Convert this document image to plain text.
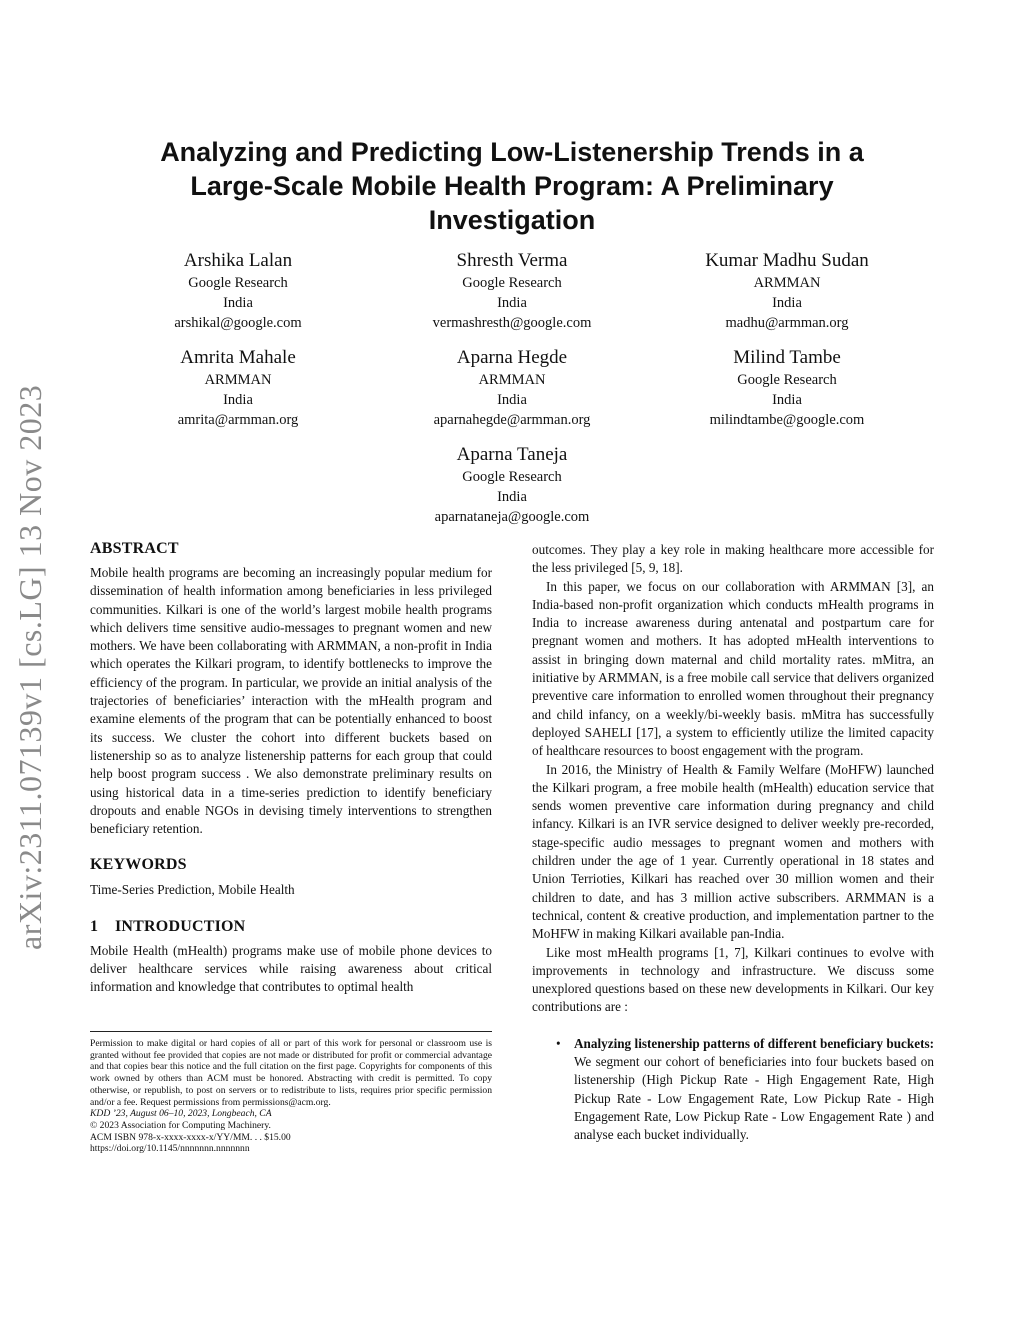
arXiv:2311.07139v1 [cs.LG] 13 Nov 2023
Analyzing and Predicting Low-Listenership Trends in a
Large-Scale Mobile Health Program: A Preliminary
Investigation
Arshika Lalan
Google Research
India
arshikal@google.com
Shresth Verma
Google Research
India
vermashresth@google.com
Kumar Madhu Sudan
ARMMAN
India
madhu@armman.org
Amrita Mahale
ARMMAN
India
amrita@armman.org
Aparna Hegde
ARMMAN
India
aparnahegde@armman.org
Milind Tambe
Google Research
India
milindtambe@google.com
Aparna Taneja
Google Research
India
aparnataneja@google.com
ABSTRACT

Mobile health programs are becoming an increasingly popular medium for dissemination of health information among beneficiaries in less privileged communities. Kilkari is one of the world’s largest mobile health programs which delivers time sensitive audio-messages to pregnant women and new mothers. We have been collaborating with ARMMAN, a non-profit in India which operates the Kilkari program, to identify bottlenecks to improve the efficiency of the program. In particular, we provide an initial analysis of the trajectories of beneficiaries’ interaction with the mHealth program and examine elements of the program that can be potentially enhanced to boost its success. We cluster the cohort into different buckets based on listenership so as to analyze listenership patterns for each group that could help boost program success . We also demonstrate preliminary results on using historical data in a time-series prediction to identify beneficiary dropouts and enable NGOs in devising timely interventions to strengthen beneficiary retention.

KEYWORDS

Time-Series Prediction, Mobile Health

1    INTRODUCTION

Mobile Health (mHealth) programs make use of mobile phone devices to deliver healthcare services while raising awareness about critical information and knowledge that contributes to optimal health

Permission to make digital or hard copies of all or part of this work for personal or classroom use is granted without fee provided that copies are not made or distributed for profit or commercial advantage and that copies bear this notice and the full citation on the first page. Copyrights for components of this work owned by others than ACM must be honored. Abstracting with credit is permitted. To copy otherwise, or republish, to post on servers or to redistribute to lists, requires prior specific permission and/or a fee. Request permissions from permissions@acm.org.

KDD ’23, August 06–10, 2023, Longbeach, CA

© 2023 Association for Computing Machinery.

ACM ISBN 978-x-xxxx-xxxx-x/YY/MM. . . $15.00

https://doi.org/10.1145/nnnnnnn.nnnnnnn

outcomes. They play a key role in making healthcare more accessible for the less privileged [5, 9, 18].

In this paper, we focus on our collaboration with ARMMAN [3], an India-based non-profit organization which conducts mHealth programs in India to increase awareness during antenatal and postpartum care for pregnant women and mothers. It has adopted mHealth interventions to assist in bringing down maternal and child mortality rates. mMitra, an initiative by ARMMAN, is a free mobile call service that delivers organized preventive care information to enrolled women throughout their pregnancy and child infancy, on a weekly/bi-weekly basis. mMitra has successfully deployed SAHELI [17], a system to efficiently utilize the limited capacity of healthcare resources to boost engagement with the program.

In 2016, the Ministry of Health & Family Welfare (MoHFW) launched the Kilkari program, a free mobile health (mHealth) education service that sends women preventive care information during pregnancy and child infancy. Kilkari is an IVR service designed to deliver weekly pre-recorded, stage-specific audio messages to pregnant women and mothers with children under the age of 1 year. Currently operational in 18 states and Union Terrioties, Kilkari has reached over 30 million women and their children to date, and has 3 million active subscribers. ARMMAN is a technical, content & creative production, and implementation partner to the MoHFW in making Kilkari available pan-India.

Like most mHealth programs [1, 7], Kilkari continues to evolve with improvements in technology and infrastructure. We discuss some unexplored questions based on these new developments in Kilkari. Our key contributions are :

• Analyzing listenership patterns of different beneficiary buckets: We segment our cohort of beneficiaries into four buckets based on listenership (High Pickup Rate - High Engagement Rate, High Pickup Rate - Low Engagement Rate, Low Pickup Rate - High Engagement Rate, Low Pickup Rate - Low Engagement Rate ) and analyse each bucket individually.
